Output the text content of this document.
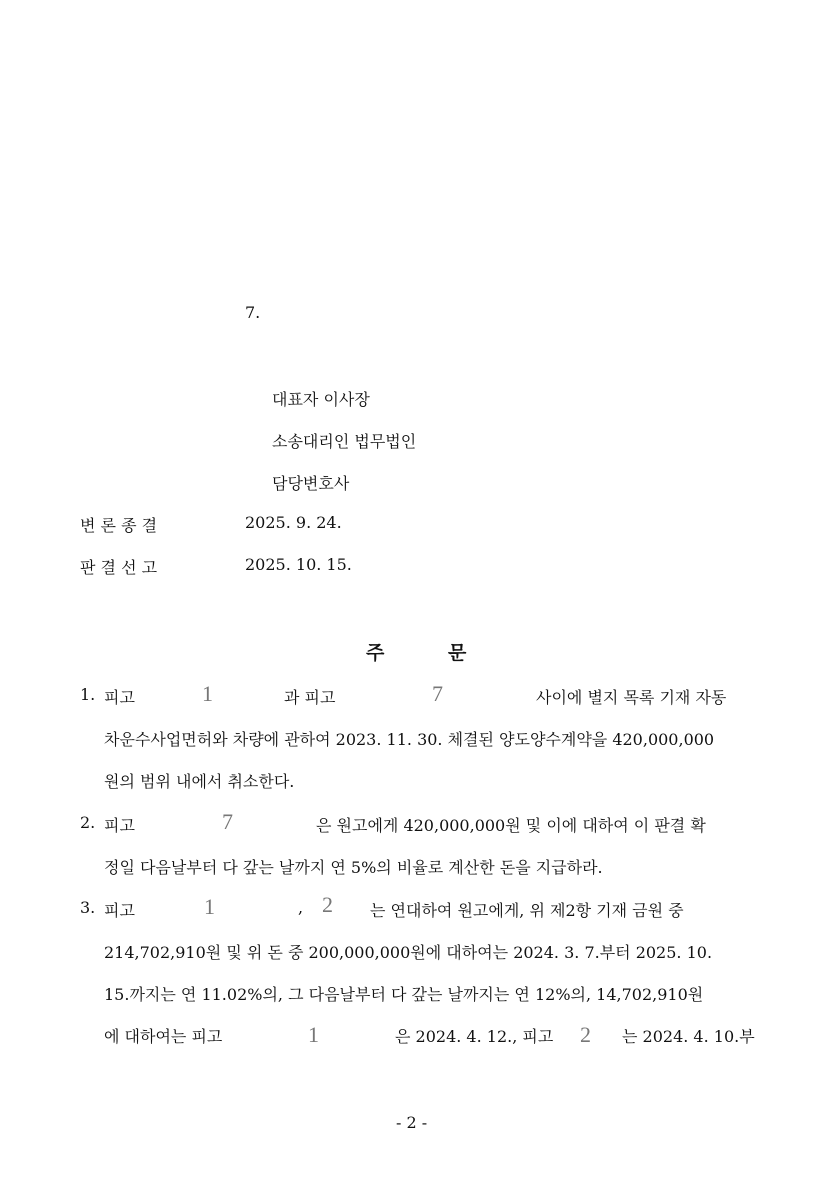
7.
대표자 이사장
소송대리인 법무법인
담당변호사
변 론 종 결	2025. 9. 24.
판 결 선 고	2025. 10. 15.
주	문
1. 피고	1	과 피고	7	사이에 별지 목록 기재 자동
차운수사업면허와 차량에 관하여 2023. 11. 30. 체결된 양도양수계약을 420,000,000
원의 범위 내에서 취소한다.
2. 피고	7	은 원고에게 420,000,000원 및 이에 대하여 이 판결 확
정일 다음날부터 다 갚는 날까지 연 5%의 비율로 계산한 돈을 지급하라.
3. 피고	1	, 2 는 연대하여 원고에게, 위 제2항 기재 금원 중
214,702,910원 및 위 돈 중 200,000,000원에 대하여는 2024. 3. 7.부터 2025. 10.
15.까지는 연 11.02%의, 그 다음날부터 다 갚는 날까지는 연 12%의, 14,702,910원
에 대하여는 피고	1	은 2024. 4. 12., 피고 2 는 2024. 4. 10.부
- 2 -
